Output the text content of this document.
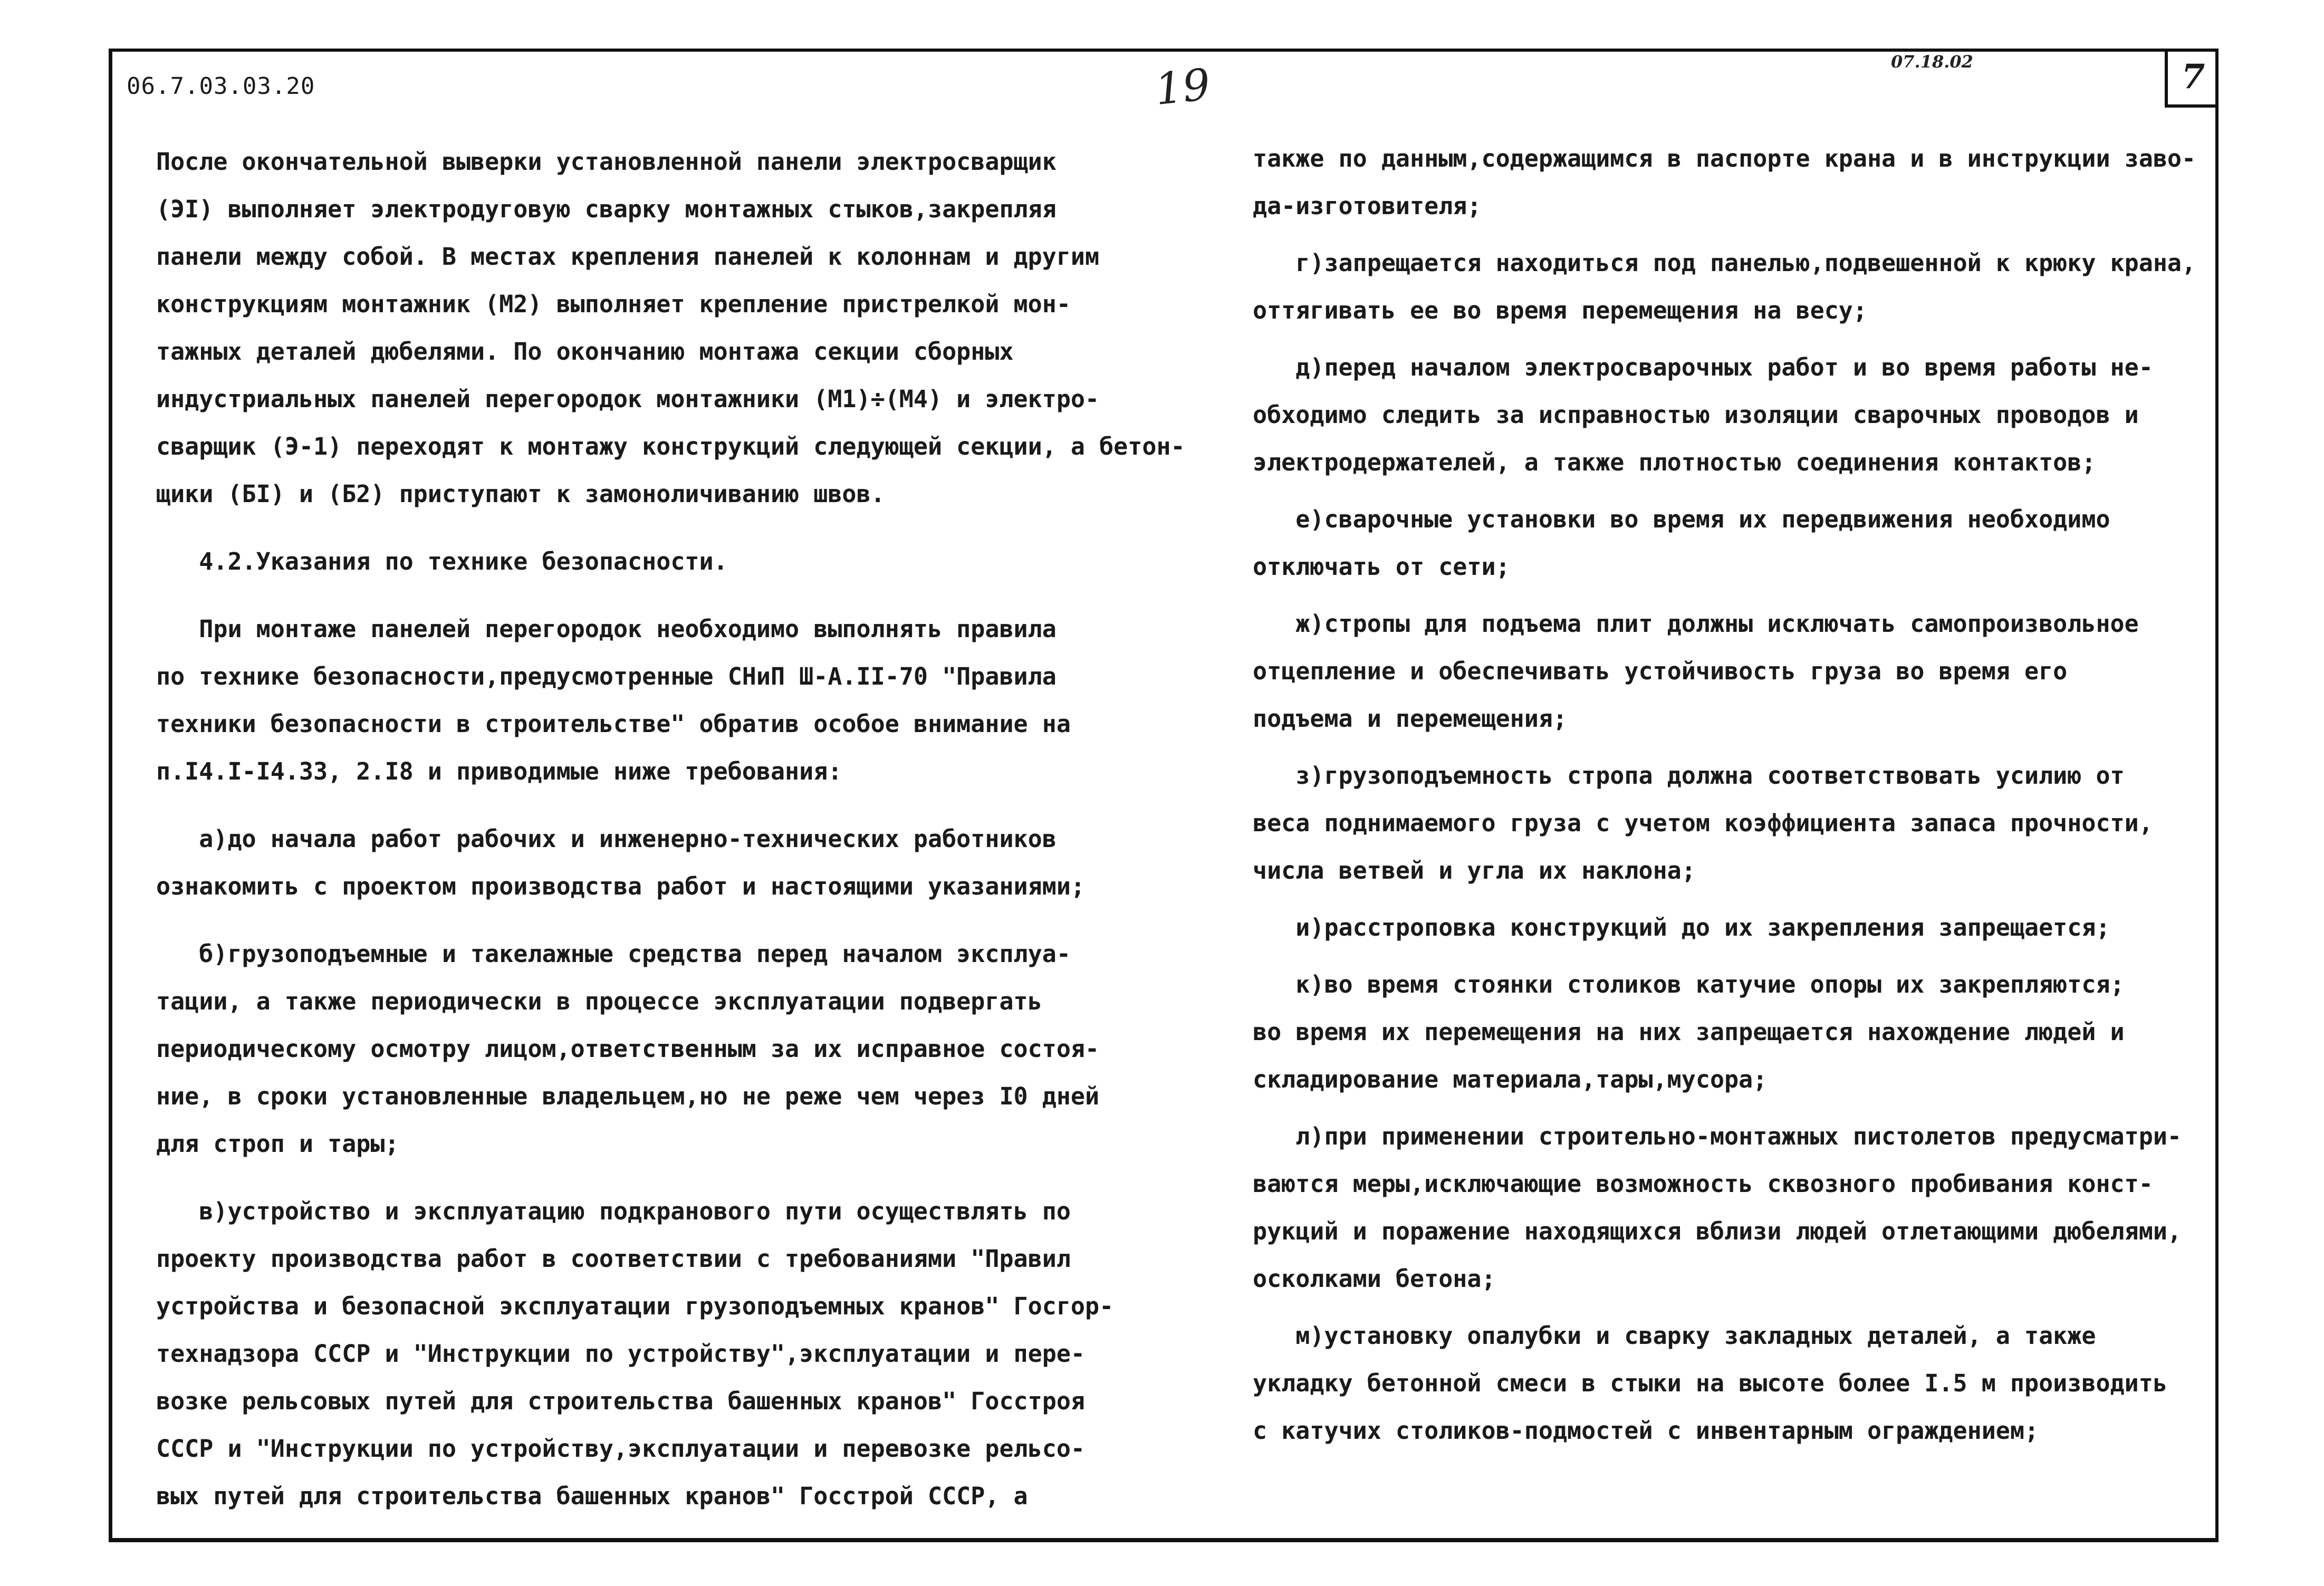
06.7.03.03.20	19	07.18.02	7
После окончательной выверки установленной панели электросварщик
(ЭI) выполняет электродуговую сварку монтажных стыков,закрепляя
панели между собой. В местах крепления панелей к колоннам и другим
конструкциям монтажник (М2) выполняет крепление пристрелкой мон-
тажных деталей дюбелями. По окончанию монтажа секции сборных
индустриальных панелей перегородок монтажники (М1)÷(М4) и электро-
сварщик (Э-1) переходят к монтажу конструкций следующей секции, а бетон-
щики (БI) и (Б2) приступают к замоноличиванию швов.
4.2.Указания по технике безопасности.
При монтаже панелей перегородок необходимо выполнять правила
по технике безопасности,предусмотренные СНиП Ш-А.II-70 "Правила
техники безопасности в строительстве" обратив особое внимание на
п.I4.I-I4.33, 2.I8 и приводимые ниже требования:
а)до начала работ рабочих и инженерно-технических работников
ознакомить с проектом производства работ и настоящими указаниями;
б)грузоподъемные и такелажные средства перед началом эксплуа-
тации, а также периодически в процессе эксплуатации подвергать
периодическому осмотру лицом,ответственным за их исправное состоя-
ние, в сроки установленные владельцем,но не реже чем через I0 дней
для строп и тары;
в)устройство и эксплуатацию подкранового пути осуществлять по
проекту производства работ в соответствии с требованиями "Правил
устройства и безопасной эксплуатации грузоподъемных кранов" Госгор-
технадзора СССР и "Инструкции по устройству",эксплуатации и пере-
возке рельсовых путей для строительства башенных кранов" Госстроя
СССР и "Инструкции по устройству,эксплуатации и перевозке рельсо-
вых путей для строительства башенных кранов" Госстрой СССР, а
также по данным,содержащимся в паспорте крана и в инструкции заво-
да-изготовителя;
г)запрещается находиться под панелью,подвешенной к крюку крана,
оттягивать ее во время перемещения на весу;
д)перед началом электросварочных работ и во время работы не-
обходимо следить за исправностью изоляции сварочных проводов и
электродержателей, а также плотностью соединения контактов;
е)сварочные установки во время их передвижения необходимо
отключать от сети;
ж)стропы для подъема плит должны исключать самопроизвольное
отцепление и обеспечивать устойчивость груза во время его
подъема и перемещения;
з)грузоподъемность стропа должна соответствовать усилию от
веса поднимаемого груза с учетом коэффициента запаса прочности,
числа ветвей и угла их наклона;
и)расстроповка конструкций до их закрепления запрещается;
к)во время стоянки столиков катучие опоры их закрепляются;
во время их перемещения на них запрещается нахождение людей и
складирование материала,тары,мусора;
л)при применении строительно-монтажных пистолетов предусматри-
ваются меры,исключающие возможность сквозного пробивания конст-
рукций и поражение находящихся вблизи людей отлетающими дюбелями,
осколками бетона;
м)установку опалубки и сварку закладных деталей, а также
укладку бетонной смеси в стыки на высоте более I.5 м производить
с катучих столиков-подмостей с инвентарным ограждением;
